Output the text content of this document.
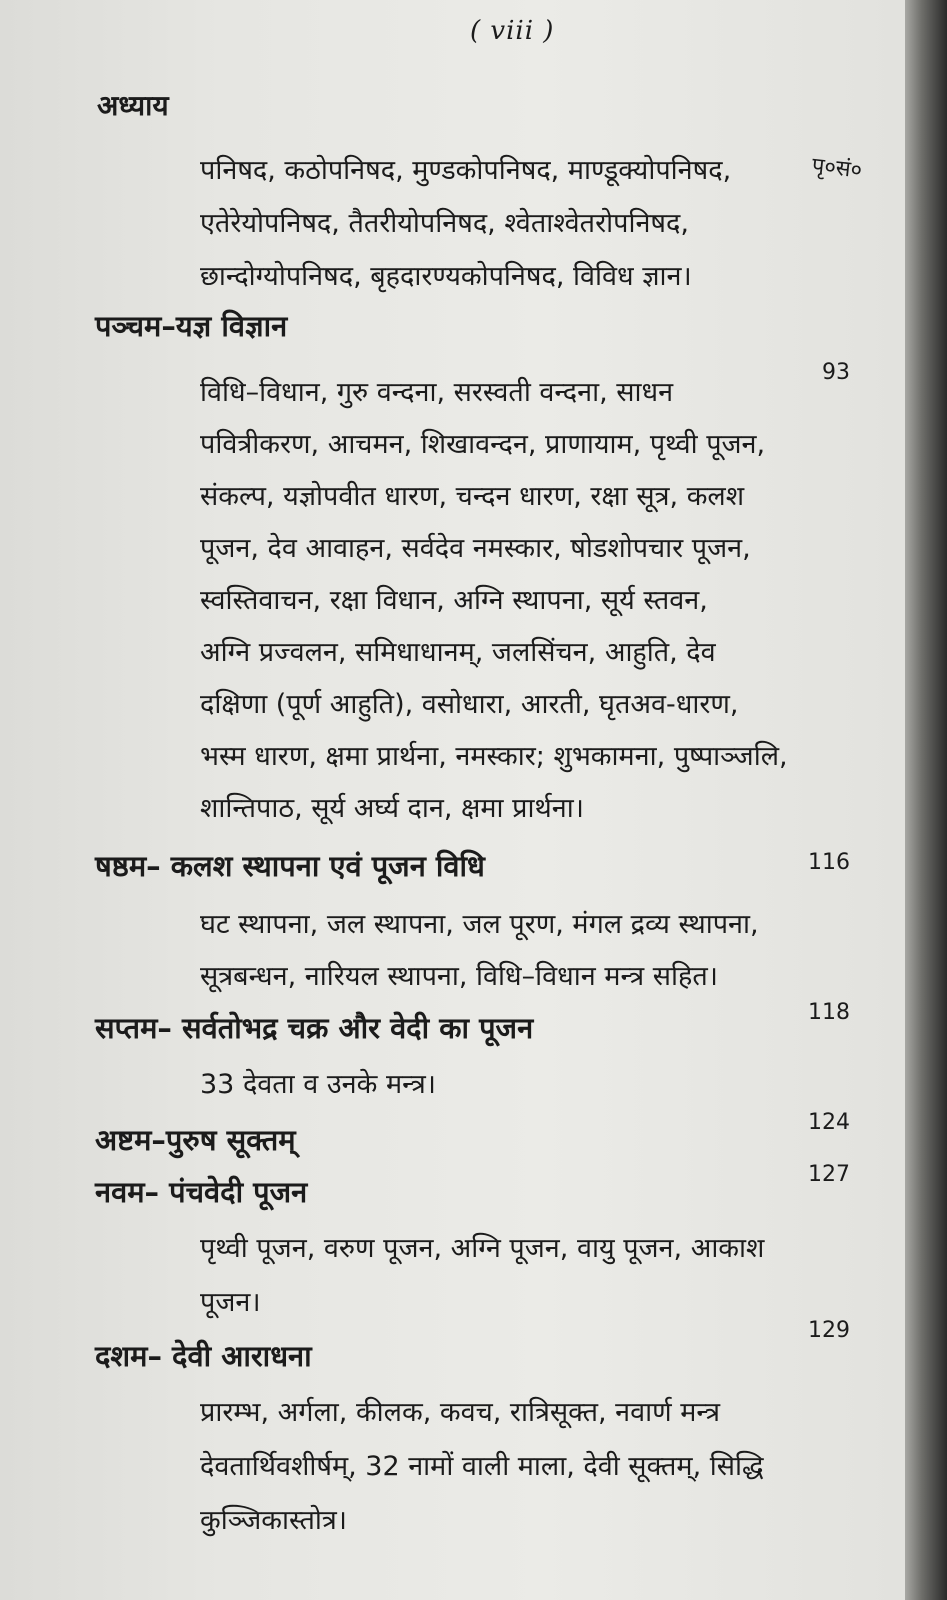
( viii )
अध्याय
पृ०सं०
पनिषद, कठोपनिषद, मुण्डकोपनिषद, माण्डूक्योपनिषद,
एतेरेयोपनिषद, तैतरीयोपनिषद, श्वेताश्वेतरोपनिषद,
छान्दोग्योपनिषद, बृहदारण्यकोपनिषद, विविध ज्ञान।
पञ्चम–यज्ञ विज्ञान
93
विधि–विधान, गुरु वन्दना, सरस्वती वन्दना, साधन
पवित्रीकरण, आचमन, शिखावन्दन, प्राणायाम, पृथ्वी पूजन,
संकल्प, यज्ञोपवीत धारण, चन्दन धारण, रक्षा सूत्र, कलश
पूजन, देव आवाहन, सर्वदेव नमस्कार, षोडशोपचार पूजन,
स्वस्तिवाचन, रक्षा विधान, अग्नि स्थापना, सूर्य स्तवन,
अग्नि प्रज्वलन, समिधाधानम्, जलसिंचन, आहुति, देव
दक्षिणा (पूर्ण आहुति), वसोधारा, आरती, घृतअव-धारण,
भस्म धारण, क्षमा प्रार्थना, नमस्कार; शुभकामना, पुष्पाञ्जलि,
शान्तिपाठ, सूर्य अर्घ्य दान, क्षमा प्रार्थना।
षष्ठम– कलश स्थापना एवं पूजन विधि	116
घट स्थापना, जल स्थापना, जल पूरण, मंगल द्रव्य स्थापना,
सूत्रबन्धन, नारियल स्थापना, विधि–विधान मन्त्र सहित।
सप्तम– सर्वतोभद्र चक्र और वेदी का पूजन	118
33 देवता व उनके मन्त्र।
अष्टम–पुरुष सूक्तम्
124
नवम– पंचवेदी पूजन
127
पृथ्वी पूजन, वरुण पूजन, अग्नि पूजन, वायु पूजन, आकाश
पूजन।
दशम– देवी आराधना
129
प्रारम्भ, अर्गला, कीलक, कवच, रात्रिसूक्त, नवार्ण मन्त्र
देवतार्थिवशीर्षम्, 32 नामों वाली माला, देवी सूक्तम्, सिद्धि
कुञ्जिकास्तोत्र।
